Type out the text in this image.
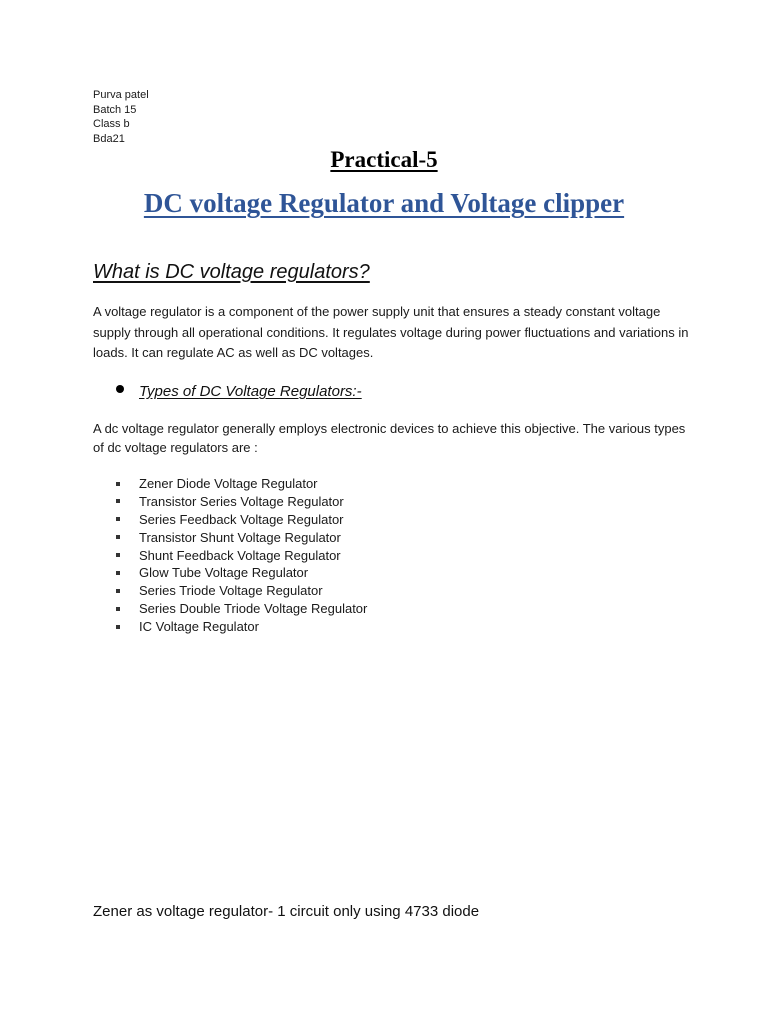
Purva patel
Batch 15
Class b
Bda21
Practical-5
DC voltage Regulator and Voltage clipper
What is DC voltage regulators?
A voltage regulator is a component of the power supply unit that ensures a steady constant voltage supply through all operational conditions. It regulates voltage during power fluctuations and variations in loads. It can regulate AC as well as DC voltages.
Types of DC Voltage Regulators:-
A dc voltage regulator generally employs electronic devices to achieve this objective. The various types of dc voltage regulators are :
Zener Diode Voltage Regulator
Transistor Series Voltage Regulator
Series Feedback Voltage Regulator
Transistor Shunt Voltage Regulator
Shunt Feedback Voltage Regulator
Glow Tube Voltage Regulator
Series Triode Voltage Regulator
Series Double Triode Voltage Regulator
IC Voltage Regulator
Zener as voltage regulator- 1 circuit only using 4733 diode
